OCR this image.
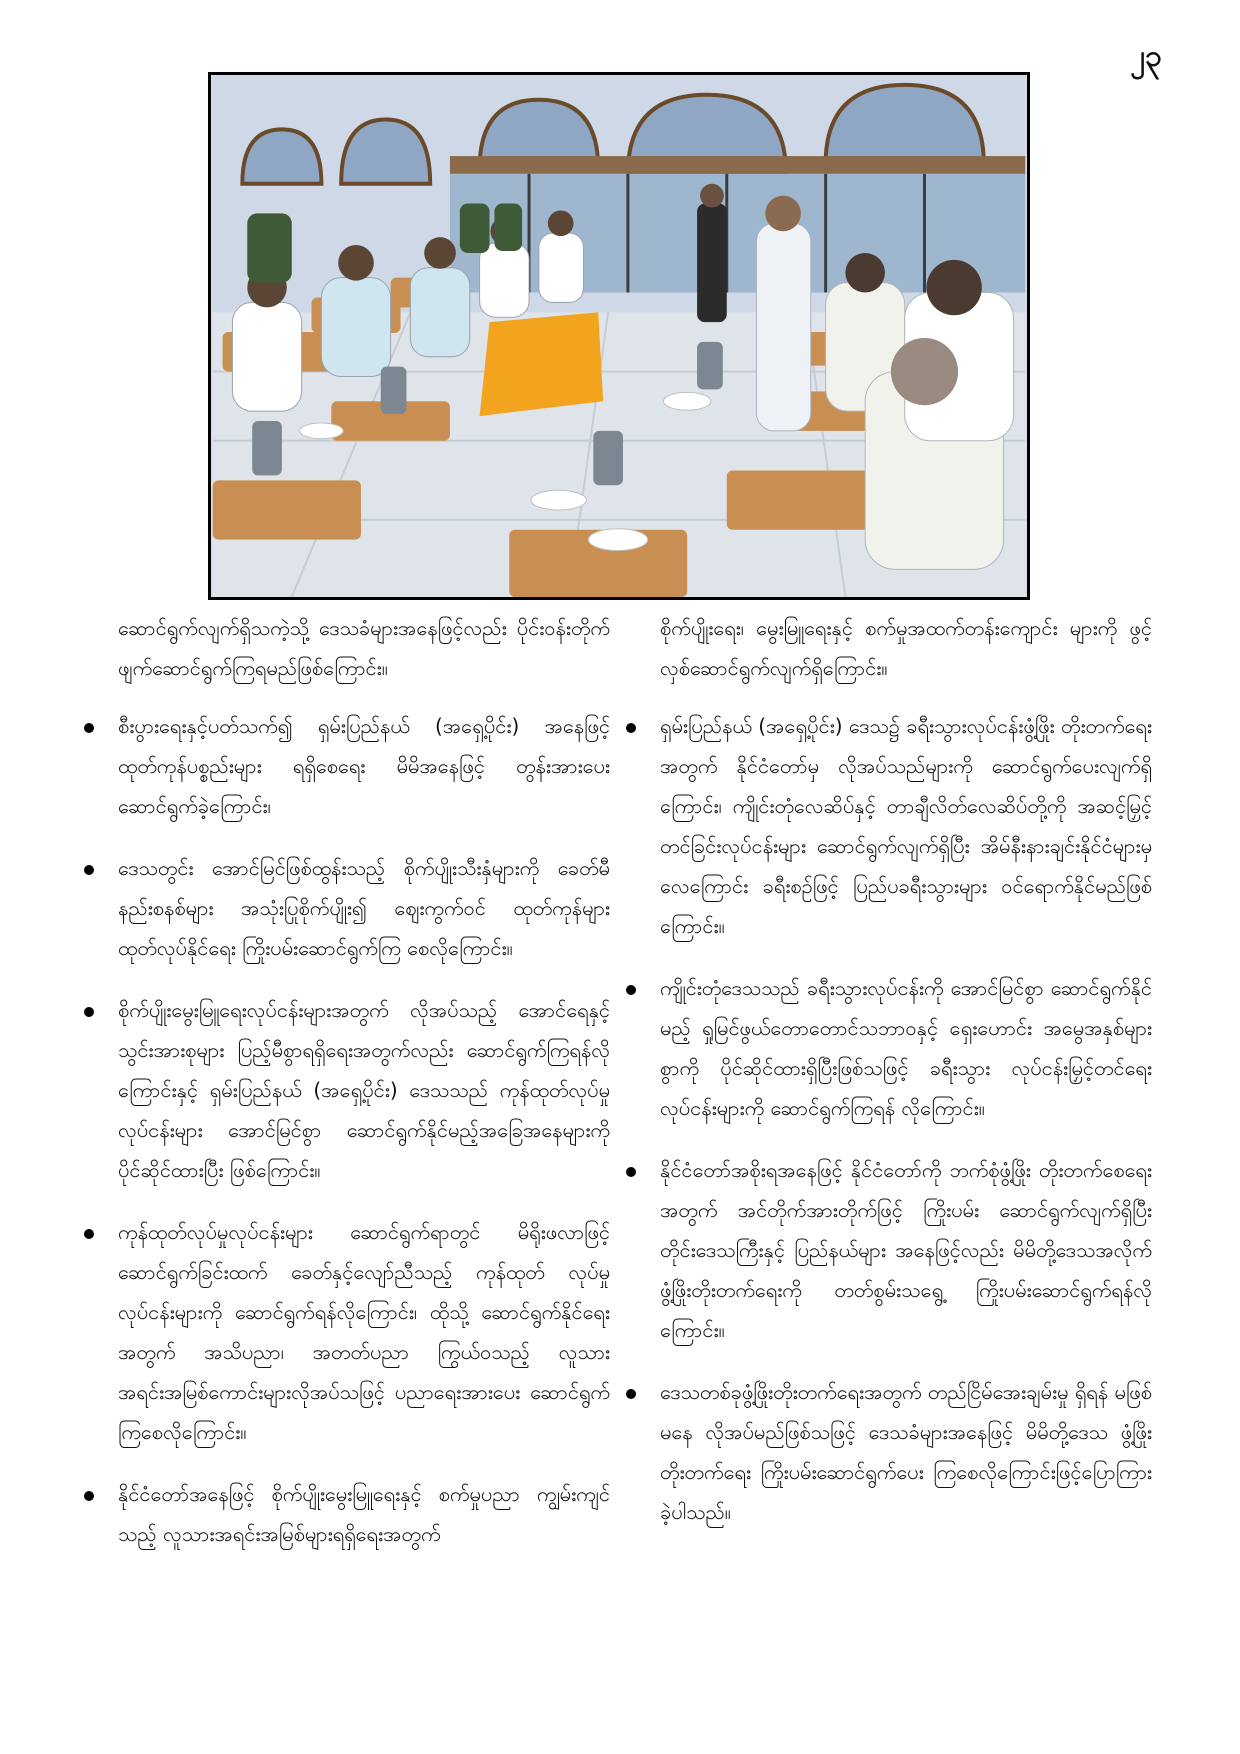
၂၃

ဆောင်ရွက်လျက်ရှိသကဲ့သို့ ဒေသခံများအနေဖြင့်လည်း ပိုင်းဝန်းတိုက်ဖျက်ဆောင်ရွက်ကြရမည်ဖြစ်ကြောင်း။

စီးပွားရေးနှင့်ပတ်သက်၍ ရှမ်းပြည်နယ် (အရှေ့ပိုင်း) အနေဖြင့် ထုတ်ကုန်ပစ္စည်းများ ရရှိစေရေး မိမိအနေဖြင့် တွန်းအားပေးဆောင်ရွက်ခဲ့ကြောင်း၊
ဒေသတွင်း အောင်မြင်ဖြစ်ထွန်းသည့် စိုက်ပျိုးသီးနှံများကို ခေတ်မီနည်းစနစ်များ အသုံးပြုစိုက်ပျိုး၍ ဈေးကွက်ဝင် ထုတ်ကုန်များ ထုတ်လုပ်နိုင်ရေး ကြိုးပမ်းဆောင်ရွက်ကြ စေလိုကြောင်း။
စိုက်ပျိုးမွေးမြူရေးလုပ်ငန်းများအတွက် လိုအပ်သည့် အောင်ရေနှင့် သွင်းအားစုများ ပြည့်မီစွာရရှိရေးအတွက်လည်း ဆောင်ရွက်ကြရန်လိုကြောင်းနှင့် ရှမ်းပြည်နယ် (အရှေ့ပိုင်း) ဒေသသည် ကုန်ထုတ်လုပ်မှုလုပ်ငန်းများ အောင်မြင်စွာ ဆောင်ရွက်နိုင်မည့်အခြေအနေများကို ပိုင်ဆိုင်ထားပြီး ဖြစ်ကြောင်း။
ကုန်ထုတ်လုပ်မှုလုပ်ငန်းများ ဆောင်ရွက်ရာတွင် မိရိုးဖလာဖြင့် ဆောင်ရွက်ခြင်းထက် ခေတ်နှင့်လျော်ညီသည့် ကုန်ထုတ် လုပ်မှုလုပ်ငန်းများကို ဆောင်ရွက်ရန်လိုကြောင်း၊ ထိုသို့ ဆောင်ရွက်နိုင်ရေးအတွက် အသိပညာ၊ အတတ်ပညာ ကြွယ်ဝသည့် လူသားအရင်းအမြစ်ကောင်းများလိုအပ်သဖြင့် ပညာရေးအားပေး ဆောင်ရွက်ကြစေလိုကြောင်း။
နိုင်ငံတော်အနေဖြင့် စိုက်ပျိုးမွေးမြူရေးနှင့် စက်မှုပညာ ကျွမ်းကျင်သည့် လူသားအရင်းအမြစ်များရရှိရေးအတွက်

စိုက်ပျိုးရေး၊ မွေးမြူရေးနှင့် စက်မှုအထက်တန်းကျောင်း များကို ဖွင့်လှစ်ဆောင်ရွက်လျက်ရှိကြောင်း။

ရှမ်းပြည်နယ် (အရှေ့ပိုင်း) ဒေသ၌ ခရီးသွားလုပ်ငန်းဖွံ့ဖြိုး တိုးတက်ရေးအတွက် နိုင်ငံတော်မှ လိုအပ်သည်များကို ဆောင်ရွက်ပေးလျက်ရှိကြောင်း၊ ကျိုင်းတုံလေဆိပ်နှင့် တာချီလိတ်လေဆိပ်တို့ကို အဆင့်မြှင့်တင်ခြင်းလုပ်ငန်းများ ဆောင်ရွက်လျက်ရှိပြီး အိမ်နီးနားချင်းနိုင်ငံများမှ လေကြောင်း ခရီးစဉ်ဖြင့် ပြည်ပခရီးသွားများ ဝင်ရောက်နိုင်မည်ဖြစ် ကြောင်း။
ကျိုင်းတုံဒေသသည် ခရီးသွားလုပ်ငန်းကို အောင်မြင်စွာ ဆောင်ရွက်နိုင်မည့် ရှုမြင်ဖွယ်တောတောင်သဘာဝနှင့် ရှေးဟောင်း အမွေအနှစ်များစွာကို ပိုင်ဆိုင်ထားရှိပြီးဖြစ်သဖြင့် ခရီးသွား လုပ်ငန်းမြှင့်တင်ရေးလုပ်ငန်းများကို ဆောင်ရွက်ကြရန် လိုကြောင်း။
နိုင်ငံတော်အစိုးရအနေဖြင့် နိုင်ငံတော်ကို ဘက်စုံဖွံ့ဖြိုး တိုးတက်စေရေးအတွက် အင်တိုက်အားတိုက်ဖြင့် ကြိုးပမ်း ဆောင်ရွက်လျက်ရှိပြီး တိုင်းဒေသကြီးနှင့် ပြည်နယ်များ အနေဖြင့်လည်း မိမိတို့ဒေသအလိုက် ဖွံ့ဖြိုးတိုးတက်ရေးကို တတ်စွမ်းသရွေ့ ကြိုးပမ်းဆောင်ရွက်ရန်လိုကြောင်း။
ဒေသတစ်ခုဖွံ့ဖြိုးတိုးတက်ရေးအတွက် တည်ငြိမ်အေးချမ်းမှု ရှိရန် မဖြစ်မနေ လိုအပ်မည်ဖြစ်သဖြင့် ဒေသခံများအနေဖြင့် မိမိတို့ဒေသ ဖွံ့ဖြိုးတိုးတက်ရေး ကြိုးပမ်းဆောင်ရွက်ပေး ကြစေလိုကြောင်းဖြင့်ပြောကြားခဲ့ပါသည်။
